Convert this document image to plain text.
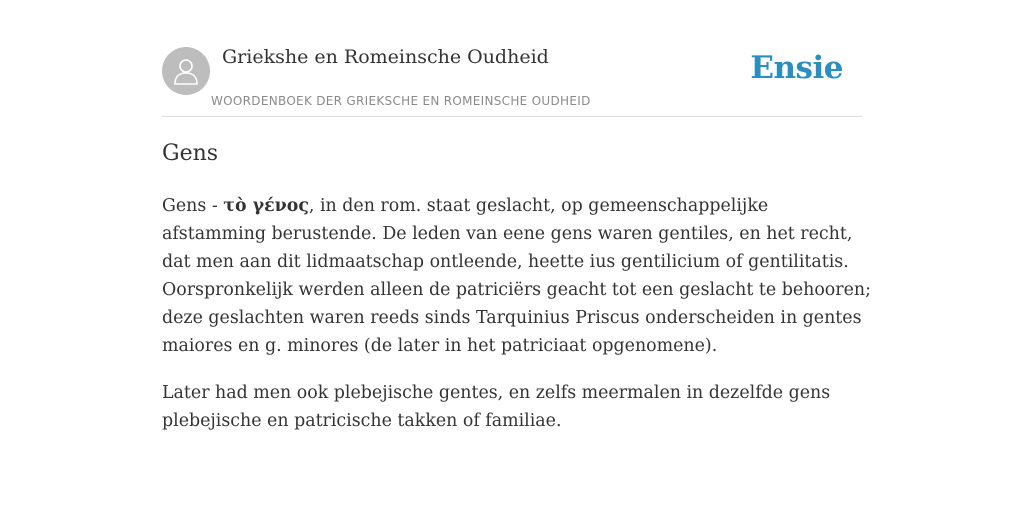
Griekshe en Romeinsche Oudheid
WOORDENBOEK DER GRIEKSCHE EN ROMEINSCHE OUDHEID
Ensie
Gens

Gens - τὸ γένος, in den rom. staat geslacht, op gemeenschappelijke afstamming berustende. De leden van eene gens waren gentiles, en het recht, dat men aan dit lidmaatschap ontleende, heette ius gentilicium of gentilitatis. Oorspronkelijk werden alleen de patriciërs geacht tot een geslacht te behooren; deze geslachten waren reeds sinds Tarquinius Priscus onderscheiden in gentes maiores en g. minores (de later in het patriciaat opgenomene).

Later had men ook plebejische gentes, en zelfs meermalen in dezelfde gens plebejische en patricische takken of familiae.
